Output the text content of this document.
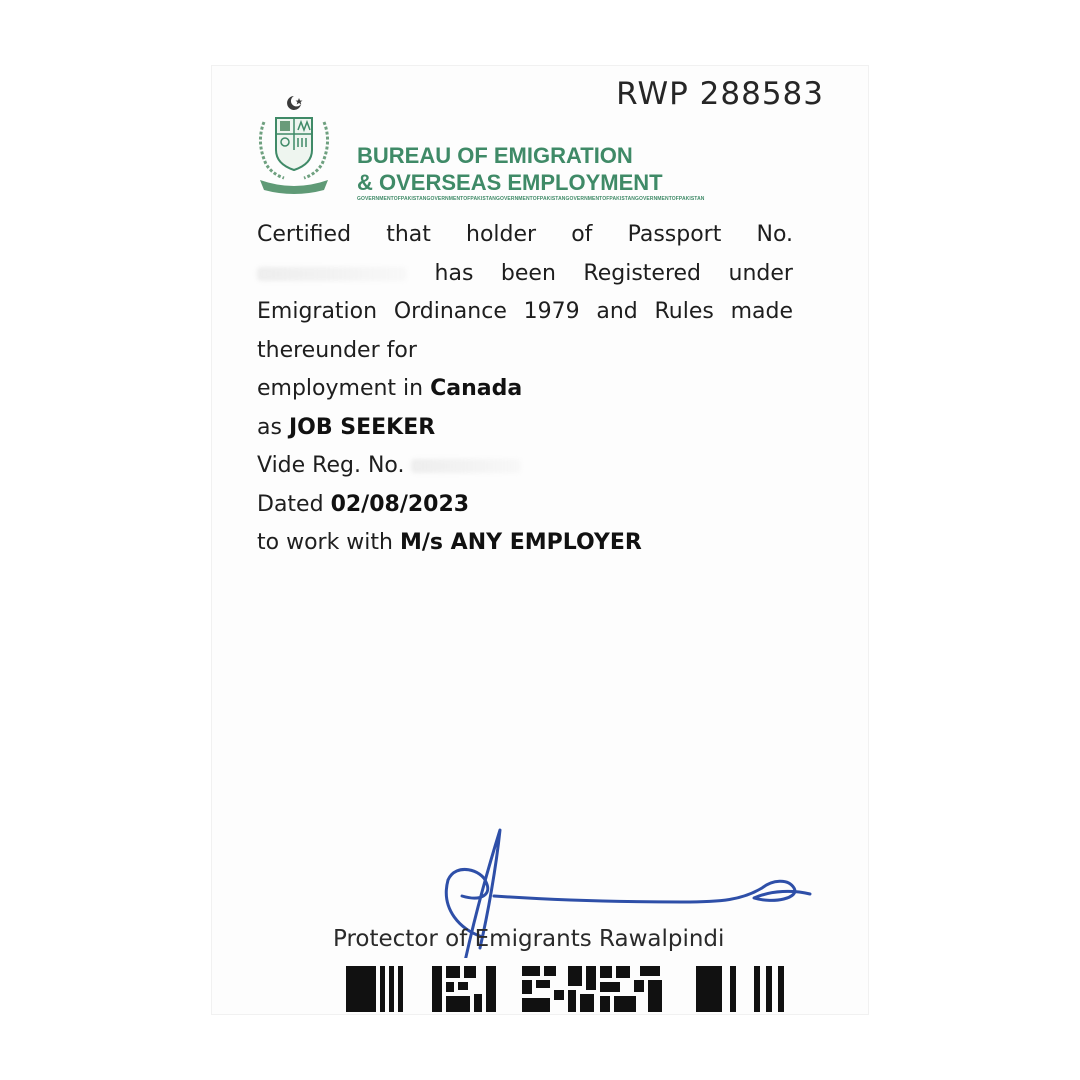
RWP 288583
BUREAU OF EMIGRATION
& OVERSEAS EMPLOYMENT
GOVERNMENTOFPAKISTANGOVERNMENTOFPAKISTANGOVERNMENTOFPAKISTANGOVERNMENTOFPAKISTANGOVERNMENTOFPAKISTAN

Certified that holder of Passport No.

has been Registered under

Emigration Ordinance 1979 and Rules made

thereunder for

employment in Canada

as JOB SEEKER

Vide Reg. No.

Dated 02/08/2023

to work with M/s ANY EMPLOYER

Protector of Emigrants Rawalpindi
